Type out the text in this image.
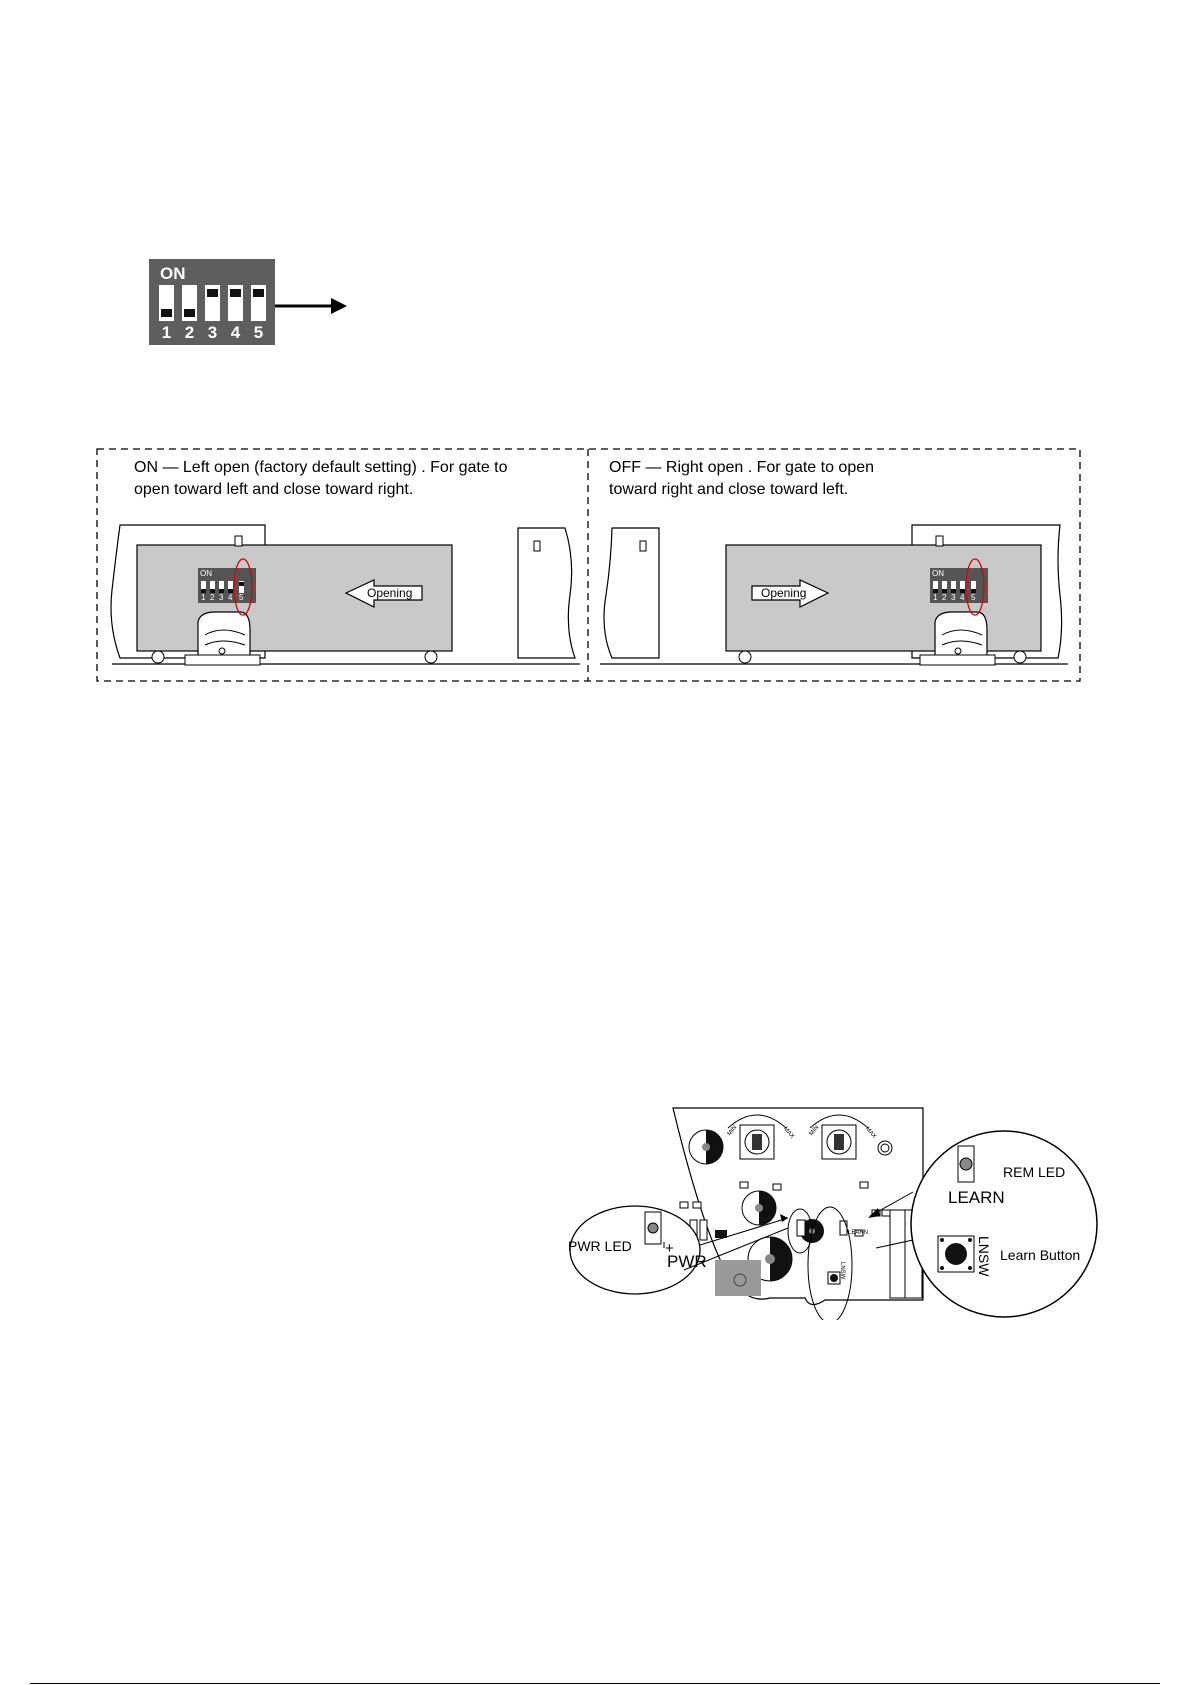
ON
1 2 3 4 5
ON — Left open (factory default setting) . For gate to
open toward left and close toward right.
OFF — Right open . For gate to open
toward right and close toward left.
ON
1 2 3 4 5	Opening
ON
1 2 3 4 5
Opening
PWR LED +
PWR
LEARN
REM LED
Learn Button
LNSW
MIN	MAX MIN	MAX
LEARN
LNSW
